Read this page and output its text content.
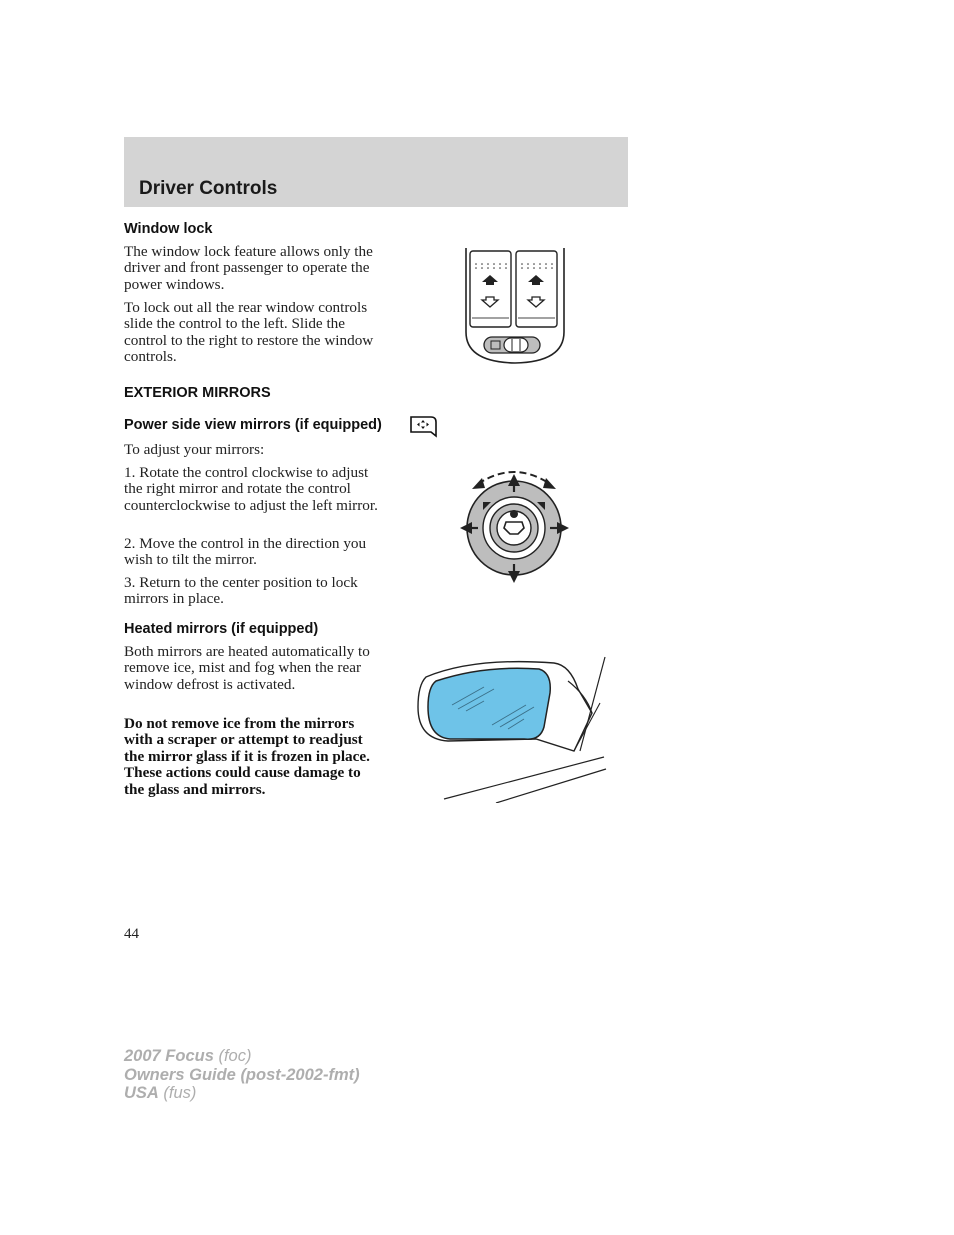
Driver Controls
Window lock
The window lock feature allows only the driver and front passenger to operate the power windows.
To lock out all the rear window controls slide the control to the left. Slide the control to the right to restore the window controls.
EXTERIOR MIRRORS
Power side view mirrors (if equipped)
To adjust your mirrors:
1. Rotate the control clockwise to adjust the right mirror and rotate the control counterclockwise to adjust the left mirror.
2. Move the control in the direction you wish to tilt the mirror.
3. Return to the center position to lock mirrors in place.
Heated mirrors (if equipped)
Both mirrors are heated automatically to remove ice, mist and fog when the rear window defrost is activated.
Do not remove ice from the mirrors with a scraper or attempt to readjust the mirror glass if it is frozen in place. These actions could cause damage to the glass and mirrors.
44
2007 Focus (foc)
Owners Guide (post-2002-fmt)
USA (fus)
